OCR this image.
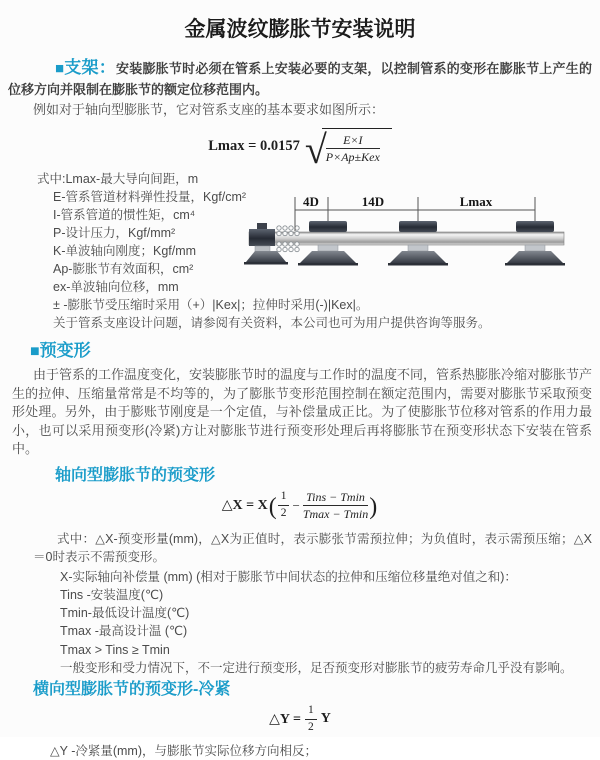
金属波纹膨胀节安装说明

■支架：安装膨胀节时必须在管系上安装必要的支架，以控制管系的变形在膨胀节上产生的位移方向并限制在膨胀节的额定位移范围内。

例如对于轴向型膨胀节，它对管系支座的基本要求如图所示：
Lmax = 0.0157 √ $\frac{E\times I}{\text{P×Ap±Kex}}$
式中:Lmax-最大导向间距，m
E-管系管道材料弹性投量，Kgf/cm²
I-管系管道的惯性矩，cm⁴
P-设计压力，Kgf/mm²
K-单波轴向刚度；Kgf/mm
Ap-膨胀节有效面积，cm²
ex-单波轴向位移，mm
± -膨胀节受压缩时采用（+）|Kex|；拉伸时采用(-)|Kex|。
关于管系支座设计问题，请参阅有关资料，本公司也可为用户提供咨询等服务。
4D	14D	Lmax
■预变形

由于管系的工作温度变化，安装膨胀节时的温度与工作时的温度不同，管系热膨胀冷缩对膨胀节产生的拉伸、压缩量常常是不均等的，为了膨胀节变形范围控制在额定范围内，需要对膨胀节采取预变形处理。另外，由于膨账节刚度是一个定值，与补偿量成正比。为了使膨胀节位移对管系的作用力最小，也可以采用预变形(冷紧)方让对膨胀节进行预变形处理后再将膨胀节在预变形状态下安装在管系中。

轴向型膨胀节的预变形
△X = X ( $\frac{1}{2} - \frac{\text{Tins − Tmin}}{Tmax - Tmin}$ )

式中：△X-预变形量(mm)，△X为正值时，表示膨张节需预拉伸；为负值时，表示需预压缩；△X＝0时表示不需预变形。

X-实际轴向补偿量 (mm) (相对于膨胀节中间状态的拉伸和压缩位移量绝对值之和)：
Tins -安装温度(℃)
Tmin-最低设计温度(℃)
Tmax -最高设计温 (℃)
Tmax > Tins ≥ Tmin
一般变形和受力情况下，不一定进行预变形，足否预变形对膨胀节的疲劳寿命几乎没有影响。
横向型膨胀节的预变形-冷紧
△Y = $\frac{1}{2}$ Y
△Y -冷紧量(mm)，与膨胀节实际位移方向相反；
